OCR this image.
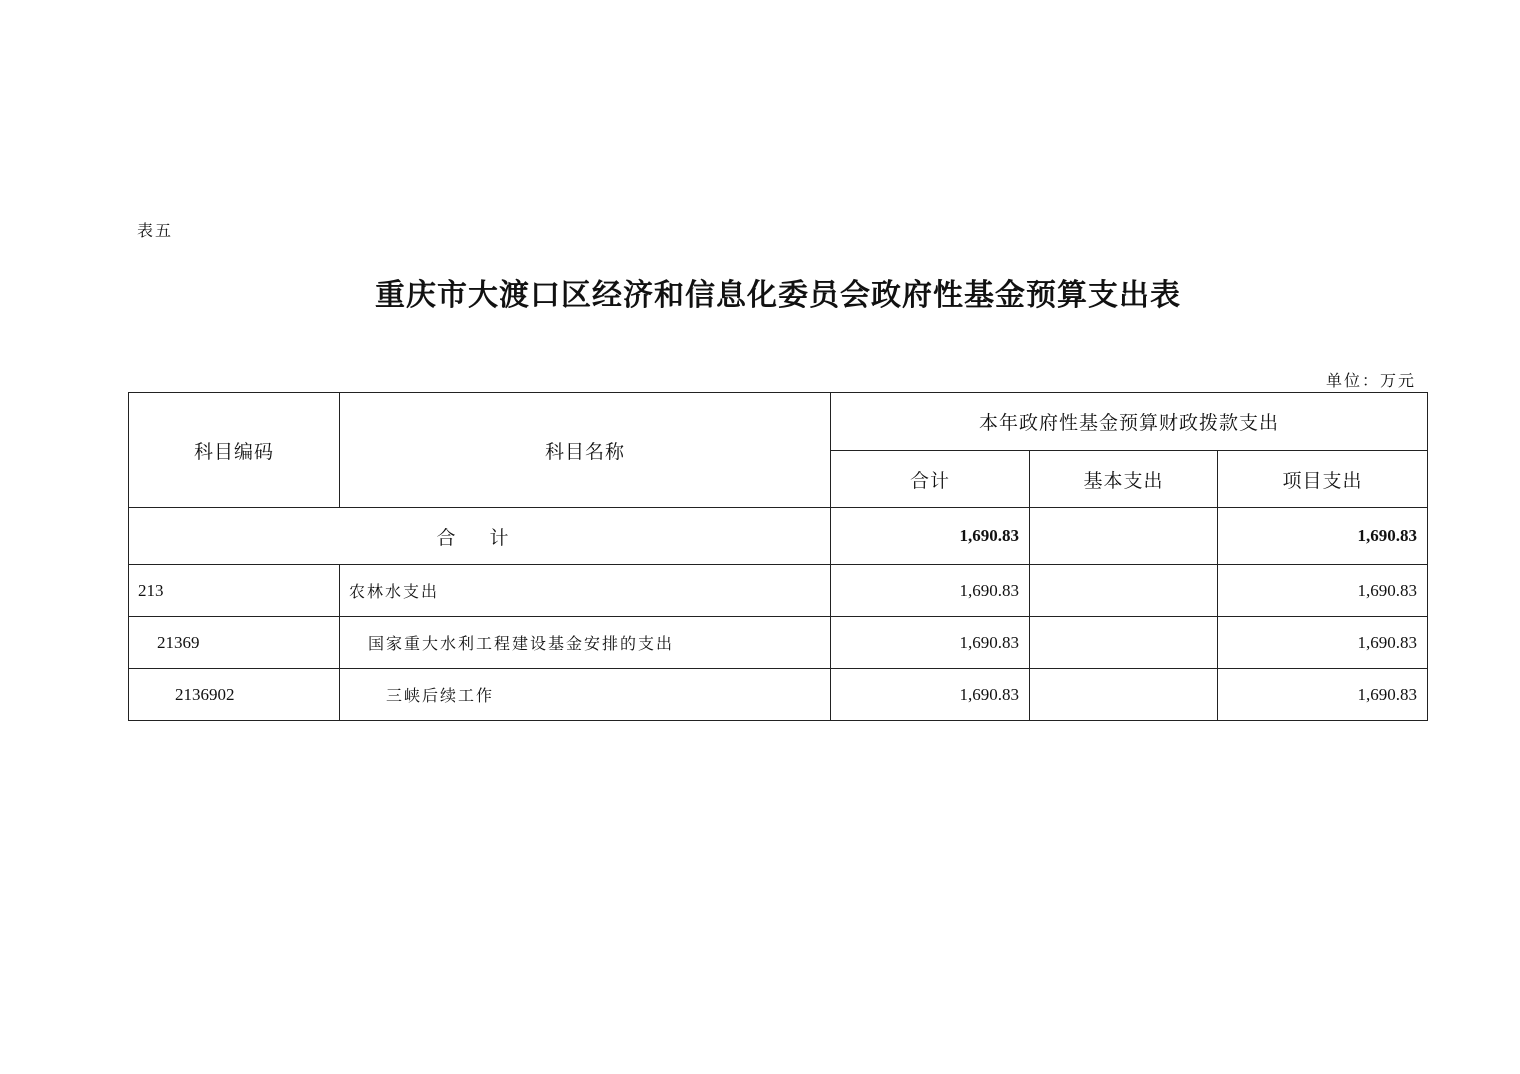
表五
重庆市大渡口区经济和信息化委员会政府性基金预算支出表
单位：万元
科目编码	科目名称	本年政府性基金预算财政拨款支出		
		合计	基本支出	项目支出
合 计		1,690.83		1,690.83
213	农林水支出	1,690.83		1,690.83
21369	国家重大水利工程建设基金安排的支出	1,690.83		1,690.83
2136902	三峡后续工作	1,690.83		1,690.83
